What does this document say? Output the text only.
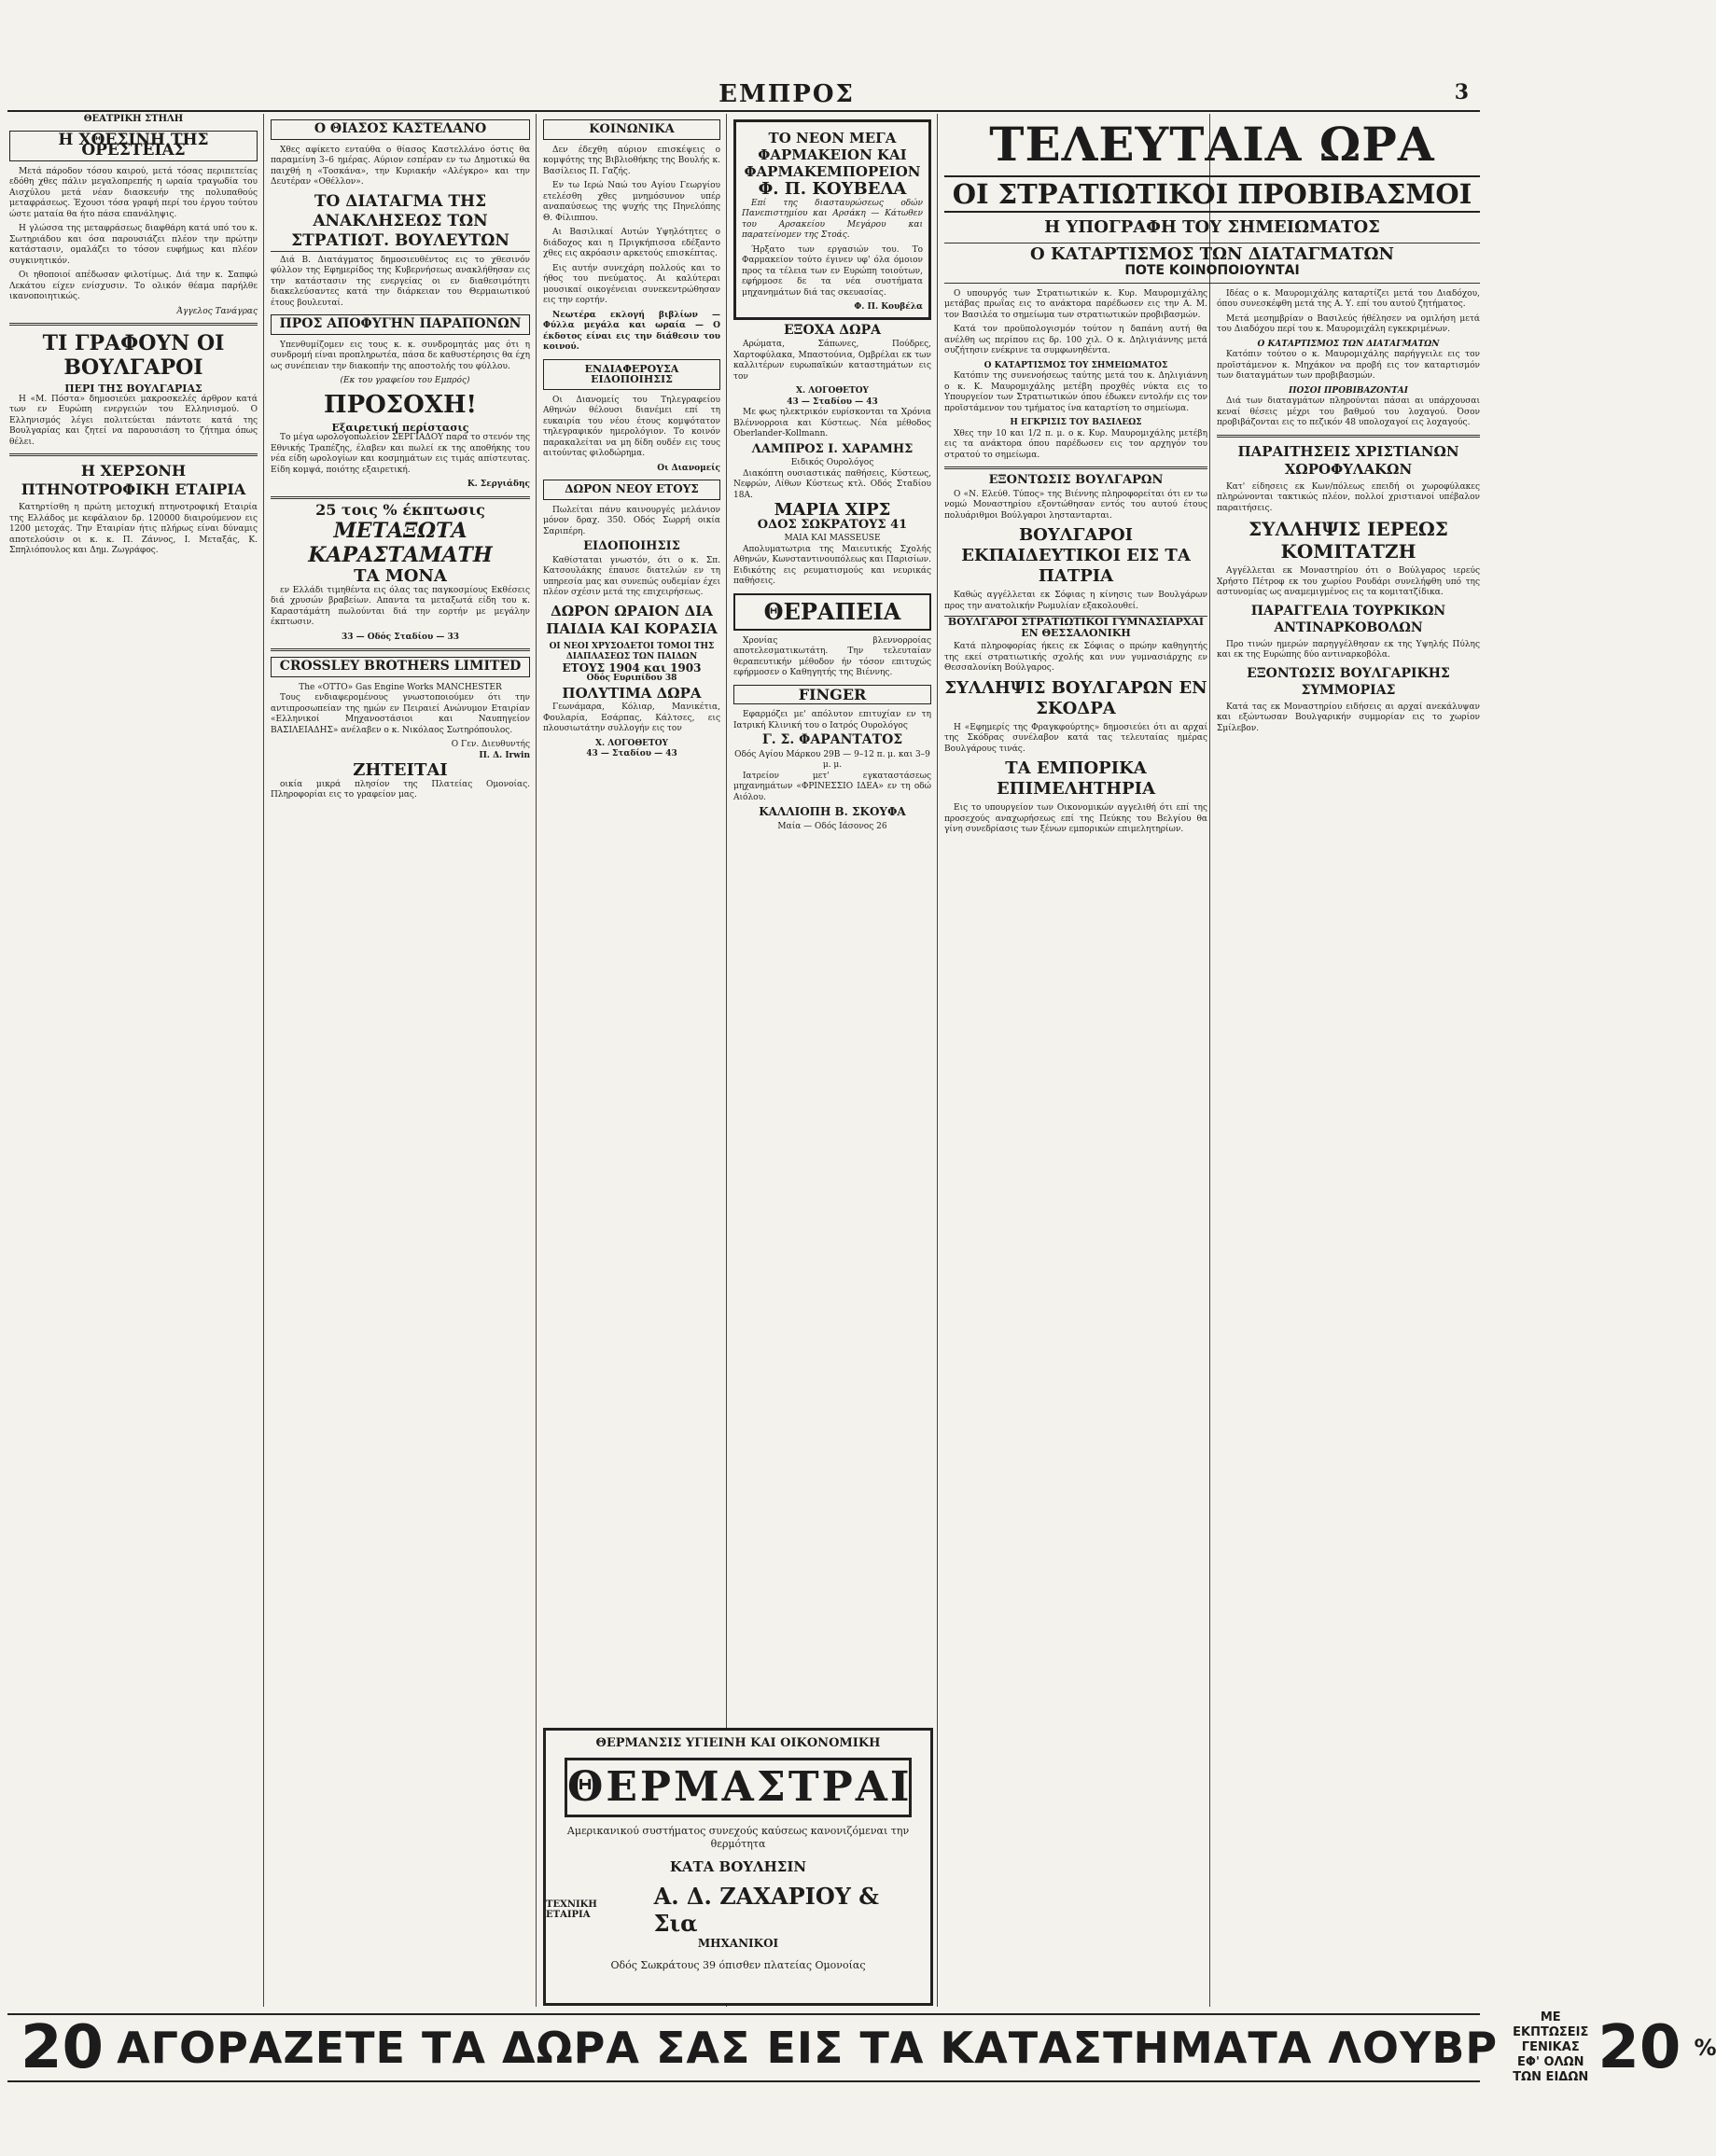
ΕΜΠΡΟΣ	3
ΘΕΑΤΡΙΚΗ ΣΤΗΛΗ
Η ΧΘΕΣΙΝΗ ΤΗΣ ΟΡΕΣΤΕΙΑΣ

Μετά πάροδον τόσου καιρού, μετά τόσας περιπετείας εδόθη χθες πάλιν μεγαλοπρεπής η ωραία τραγωδία του Αισχύλου μετά νέαν διασκευήν της πολυπαθούς μεταφράσεως. Έχουσι τόσα γραφή περί του έργου τούτου ώστε ματαία θα ήτο πάσα επανάληψις.

Η γλώσσα της μεταφράσεως διαφθάρη κατά υπό του κ. Σωτηριάδου και όσα παρουσιάζει πλέον την πρώτην κατάστασιν, ομαλάζει το τόσον ευφήμως και πλέον συγκινητικόν.

Οι ηθοποιοί απέδωσαν φιλοτίμως. Διά την κ. Σαπφώ Λεκάτου είχεν ενίσχυσιν. Το ολικόν θέαμα παρήλθε ικανοποιητικώς.

Άγγελος Τανάγρας
ΤΙ ΓΡΑΦΟΥΝ ΟΙ ΒΟΥΛΓΑΡΟΙ
ΠΕΡΙ ΤΗΣ ΒΟΥΛΓΑΡΙΑΣ

Η «Μ. Πόστα» δημοσιεύει μακροσκελές άρθρον κατά των εν Ευρώπη ενεργειών του Ελληνισμού. Ο Ελληνισμός λέγει πολιτεύεται πάντοτε κατά της Βουλγαρίας και ζητεί να παρουσιάση το ζήτημα όπως θέλει.

Η ΧΕΡΣΟΝΗ ΠΤΗΝΟΤΡΟΦΙΚΗ ΕΤΑΙΡΙΑ

Κατηρτίσθη η πρώτη μετοχική πτηνοτροφική Εταιρία της Ελλάδος με κεφάλαιον δρ. 120000 διαιρούμενον εις 1200 μετοχάς. Την Εταιρίαν ήτις πλήρως είναι δύναμις αποτελούσιν οι κ. κ. Π. Ζάννος, Ι. Μεταξάς, Κ. Σπηλιόπουλος και Δημ. Ζωγράφος.

Ο ΘΙΑΣΟΣ ΚΑΣΤΕΛΑΝΟ

Χθες αφίκετο ενταύθα ο θίασος Καστελλάνο όστις θα παραμείνη 3–6 ημέρας. Αύριον εσπέραν εν τω Δημοτικώ θα παιχθή η «Τοσκάνα», την Κυριακήν «Αλέγκρο» και την Δευτέραν «Οθέλλον».

ΤΟ ΔΙΑΤΑΓΜΑ ΤΗΣ ΑΝΑΚΛΗΣΕΩΣ ΤΩΝ ΣΤΡΑΤΙΩΤ. ΒΟΥΛΕΥΤΩΝ

Διά Β. Διατάγματος δημοσιευθέντος εις το χθεσινόν φύλλον της Εφημερίδος της Κυβερνήσεως ανακλήθησαν εις την κατάστασιν της ενεργείας οι εν διαθεσιμότητι διακελεύσαντες κατά την διάρκειαν του Θερμαιωτικού έτους βουλευταί.

ΠΡΟΣ ΑΠΟΦΥΓΗΝ ΠΑΡΑΠΟΝΩΝ

Υπενθυμίζομεν εις τους κ. κ. συνδρομητάς μας ότι η συνδρομή είναι προπληρωτέα, πάσα δε καθυστέρησις θα έχη ως συνέπειαν την διακοπήν της αποστολής του φύλλου.

(Εκ του γραφείου του Εμπρός)

ΠΡΟΣΟΧΗ!
Εξαιρετική περίστασις

Το μέγα ωρολογοπωλείον ΣΕΡΓΙΑΔΟΥ παρά το στενόν της Εθνικής Τραπέζης, έλαβεν και πωλεί εκ της αποθήκης του νέα είδη ωρολογίων και κοσμημάτων εις τιμάς απίστευτας. Είδη κομψά, ποιότης εξαιρετική.

Κ. Σεργιάδης
25 τοις % έκπτωσις
ΜΕΤΑΞΩΤΑ ΚΑΡΑΣΤΑΜΑΤΗ
ΤΑ ΜΟΝΑ

εν Ελλάδι τιμηθέντα εις όλας τας παγκοσμίους Εκθέσεις διά χρυσών βραβείων. Απαντα τα μεταξωτά είδη του κ. Καραστάμάτη πωλούνται διά την εορτήν με μεγάλην έκπτωσιν.

33 — Οδός Σταδίου — 33
CROSSLEY BROTHERS LIMITED
The «OTTO» Gas Engine Works MANCHESTER

Τους ενδιαφερομένους γνωστοποιούμεν ότι την αντιπροσωπείαν της ημών εν Πειραιεί Ανώνυμον Εταιρίαν «Ελληνικοί Μηχανοστάσιοι και Ναυπηγείον ΒΑΣΙΛΕΙΑΔΗΣ» ανέλαβεν ο κ. Νικόλαος Σωτηρόπουλος.

Ο Γεν. Διευθυντής
Π. Δ. Irwin
ΖΗΤΕΙΤΑΙ

οικία μικρά πλησίον της Πλατείας Ομονοίας. Πληροφορίαι εις το γραφείον μας.

ΚΟΙΝΩΝΙΚΑ

Δεν έδεχθη αύριον επισκέψεις ο κομψότης της Βιβλιοθήκης της Βουλής κ. Βασίλειος Π. Γαζής.

Εν τω Ιερώ Ναώ του Αγίου Γεωργίου ετελέσθη χθες μνημόσυνον υπέρ αναπαύσεως της ψυχής της Πηνελόπης Θ. Φίλιππου.

Αι Βασιλικαί Αυτών Υψηλότητες ο διάδοχος και η Πριγκήπισσα εδέξαντο χθες εις ακρόασιν αρκετούς επισκέπτας.

Εις αυτήν συνεχάρη πολλούς και το ήθος του πνεύματος. Αι καλύτεραι μουσικαί οικογένειαι συνεκεντρώθησαν εις την εορτήν.

Νεωτέρα εκλογή βιβλίων — Φύλλα μεγάλα και ωραία — Ο έκδοτος είναι εις την διάθεσιν του κοινού.

ΕΝΔΙΑΦΕΡΟΥΣΑ ΕΙΔΟΠΟΙΗΣΙΣ

Οι Διανομείς του Τηλεγραφείου Αθηνών θέλουσι διανέμει επί τη ευκαιρία του νέου έτους κομψότατον τηλεγραφικόν ημερολόγιον. Το κοινόν παρακαλείται να μη δίδη ουδέν εις τους αιτούντας φιλοδώρημα.

Οι Διανομείς
ΔΩΡΟΝ ΝΕΟΥ ΕΤΟΥΣ

Πωλείται πάνυ καινουργές μελάνιον μόνον δραχ. 350. Οδός Σωρρή οικία Σαριπέρη.

ΕΙΔΟΠΟΙΗΣΙΣ

Καθίσταται γνωστόν, ότι ο κ. Σπ. Κατσουλάκης έπαυσε διατελών εν τη υπηρεσία μας και συνεπώς ουδεμίαν έχει πλέον σχέσιν μετά της επιχειρήσεως.

ΔΩΡΟΝ ΩΡΑΙΟΝ ΔΙΑ ΠΑΙΔΙΑ ΚΑΙ ΚΟΡΑΣΙΑ
ΟΙ ΝΕΟΙ ΧΡΥΣΟΔΕΤΟΙ ΤΟΜΟΙ ΤΗΣ ΔΙΑΠΛΑΣΕΩΣ ΤΩΝ ΠΑΙΔΩΝ
ΕΤΟΥΣ 1904 και 1903
Οδός Ευριπίδου 38
ΠΟΛΥΤΙΜΑ ΔΩΡΑ

Γεωνάμαρα, Κόλιαρ, Μανικέτια, Φουλαρία, Εσάρπας, Κάλτσες, εις πλουσιωτάτην συλλογήν εις τον

Χ. ΛΟΓΟΘΕΤΟΥ
43 — Σταδίου — 43
ΤΟ ΝΕΟΝ ΜΕΓΑ ΦΑΡΜΑΚΕΙΟΝ ΚΑΙ ΦΑΡΜΑΚΕΜΠΟΡΕΙΟΝ
Φ. Π. ΚΟΥΒΕΛΑ

Επί της διασταυρώσεως οδών Πανεπιστημίου και Αρσάκη — Κάτωθεν του Αρσακείου Μεγάρου και παρατείνομεν της Στοάς.

Ήρξατο των εργασιών του. Το Φαρμακείον τούτο έγινεν υφ' όλα όμοιον προς τα τέλεια των εν Ευρώπη τοιούτων, εφήρμοσε δε τα νέα συστήματα μηχανημάτων διά τας σκευασίας.

Φ. Π. Κουβέλα
ΕΞΟΧΑ ΔΩΡΑ

Αρώματα, Σάπωνες, Πούδρες, Χαρτοφύλακα, Μπαστούνια, Ομβρέλαι εκ των καλλιτέρων ευρωπαϊκών καταστημάτων εις τον

Χ. ΛΟΓΟΘΕΤΟΥ
43 — Σταδίου — 43

Με φως ηλεκτρικόν ευρίσκονται τα Χρόνια Βλέννορροια και Κύστεως. Νέα μέθοδος Oberlander-Kollmann.

ΛΑΜΠΡΟΣ Ι. ΧΑΡΑΜΗΣ
Ειδικός Ουρολόγος

Διακόπτη ουσιαστικάς παθήσεις, Κύστεως, Νεφρών, Λίθων Κύστεως κτλ. Οδός Σταδίου 18Α.

ΜΑΡΙΑ ΧΙΡΣ
ΟΔΟΣ ΣΩΚΡΑΤΟΥΣ 41
ΜΑΙΑ ΚΑΙ MASSEUSE

Απολυματωτρια της Μαιευτικής Σχολής Αθηνών, Κωνσταντινουπόλεως και Παρισίων. Ειδικότης εις ρευματισμούς και νευρικάς παθήσεις.

ΘΕΡΑΠΕΙΑ

Χρονίας βλεννορροίας αποτελεσματικωτάτη. Την τελευταίαν θεραπευτικήν μέθοδον ήν τόσον επιτυχώς εφήρμοσεν ο Καθηγητής της Βιέννης.

FINGER

Εφαρμόζει με' απόλυτον επιτυχίαν εν τη Ιατρική Κλινική του ο Ιατρός Ουρολόγος

Γ. Σ. ΦΑΡΑΝΤΑΤΟΣ
Οδός Αγίου Μάρκου 29Β — 9–12 π. μ. και 3–9 μ. μ.

Ιατρείον μετ' εγκαταστάσεως μηχανημάτων «ΦΡΙΝΕΣΣΙΟ ΙΔΕΑ» εν τη οδώ Αιόλου.

ΚΑΛΛΙΟΠΗ Β. ΣΚΟΥΦΑ
Μαία — Οδός Ιάσονος 26
ΘΕΡΜΑΝΣΙΣ ΥΓΙΕΙΝΗ ΚΑΙ ΟΙΚΟΝΟΜΙΚΗ
ΘΕΡΜΑΣΤΡΑΙ
Αμερικανικού συστήματος συνεχούς καύσεως κανονιζόμεναι την θερμότητα
ΚΑΤΑ ΒΟΥΛΗΣΙΝ
ΤΕΧΝΙΚΗ ΕΤΑΙΡΙΑ
Α. Δ. ΖΑΧΑΡΙΟΥ & Σια
ΜΗΧΑΝΙΚΟΙ
Οδός Σωκράτους 39 όπισθεν πλατείας Ομονοίας
ΤΕΛΕΥΤΑΙΑ ΩΡΑ
ΟΙ ΣΤΡΑΤΙΩΤΙΚΟΙ ΠΡΟΒΙΒΑΣΜΟΙ
Η ΥΠΟΓΡΑΦΗ ΤΟΥ ΣΗΜΕΙΩΜΑΤΟΣ
Ο ΚΑΤΑΡΤΙΣΜΟΣ ΤΩΝ ΔΙΑΤΑΓΜΑΤΩΝ
ΠΟΤΕ ΚΟΙΝΟΠΟΙΟΥΝΤΑΙ

Ο υπουργός των Στρατιωτικών κ. Κυρ. Μαυρομιχάλης μετάβας πρωΐας εις το ανάκτορα παρέδωσεν εις την Α. Μ. τον Βασιλέα το σημείωμα των στρατιωτικών προβιβασμών.

Κατά τον προϋπολογισμόν τούτον η δαπάνη αυτή θα ανέλθη ως περίπου εις δρ. 100 χιλ. Ο κ. Δηλιγιάννης μετά συζήτησιν ενέκρινε τα συμφωνηθέντα.

Ο ΚΑΤΑΡΤΙΣΜΟΣ ΤΟΥ ΣΗΜΕΙΩΜΑΤΟΣ

Κατόπιν της συνενοήσεως ταύτης μετά του κ. Δηλιγιάννη ο κ. Κ. Μαυρομιχάλης μετέβη προχθές νύκτα εις το Υπουργείον των Στρατιωτικών όπου έδωκεν εντολήν εις τον προϊστάμενον του τμήματος ίνα καταρτίση το σημείωμα.

Η ΕΓΚΡΙΣΙΣ ΤΟΥ ΒΑΣΙΛΕΩΣ

Χθες την 10 και 1/2 π. μ. ο κ. Κυρ. Μαυρομιχάλης μετέβη εις τα ανάκτορα όπου παρέδωσεν εις τον αρχηγόν του στρατού το σημείωμα.

ΕΞΟΝΤΩΣΙΣ ΒΟΥΛΓΑΡΩΝ

Ο «Ν. Ελεύθ. Τύπος» της Βιέννης πληροφορείται ότι εν τω νομώ Μοναστηρίου εξοντώθησαν εντός του αυτού έτους πολυάριθμοι Βούλγαροι ληστανταρται.

ΒΟΥΛΓΑΡΟΙ ΕΚΠΑΙΔΕΥΤΙΚΟΙ ΕΙΣ ΤΑ ΠΑΤΡΙΑ

Καθώς αγγέλλεται εκ Σόφιας η κίνησις των Βουλγάρων προς την ανατολικήν Ρωμυλίαν εξακολουθεί.

ΒΟΥΛΓΑΡΟΙ ΣΤΡΑΤΙΩΤΙΚΟΙ ΓΥΜΝΑΣΙΑΡΧΑΙ ΕΝ ΘΕΣΣΑΛΟΝΙΚΗ

Κατά πληροφορίας ήκεις εκ Σόφιας ο πρώην καθηγητής της εκεί στρατιωτικής σχολής και νυν γυμνασιάρχης εν Θεσσαλονίκη Βούλγαρος.

ΣΥΛΛΗΨΙΣ ΒΟΥΛΓΑΡΩΝ ΕΝ ΣΚΟΔΡΑ

Η «Εφημερίς της Φραγκφούρτης» δημοσιεύει ότι αι αρχαί της Σκόδρας συνέλαβον κατά τας τελευταίας ημέρας Βουλγάρους τινάς.

ΤΑ ΕΜΠΟΡΙΚΑ ΕΠΙΜΕΛΗΤΗΡΙΑ

Εις το υπουργείον των Οικονομικών αγγελιθή ότι επί της προσεχούς αναχωρήσεως επί της Πεύκης του Βελγίου θα γίνη συνεδρίασις των ξένων εμπορικών επιμελητηρίων.

Ιδέας ο κ. Μαυρομιχάλης καταρτίζει μετά του Διαδόχου, όπου συνεσκέφθη μετά της Α. Υ. επί του αυτού ζητήματος.

Μετά μεσημβρίαν ο Βασιλεύς ήθέλησεν να ομιλήση μετά του Διαδόχου περί του κ. Μαυρομιχάλη εγκεκριμένων.

Ο ΚΑΤΑΡΤΙΣΜΟΣ ΤΩΝ ΔΙΑΤΑΓΜΑΤΩΝ

Κατόπιν τούτου ο κ. Μαυρομιχάλης παρήγγειλε εις τον προϊστάμενον κ. Μηχάκον να προβή εις τον καταρτισμόν των διαταγμάτων των προβιβασμών.

ΠΟΣΟΙ ΠΡΟΒΙΒΑΖΟΝΤΑΙ

Διά των διαταγμάτων πληρούνται πάσαι αι υπάρχουσαι κεναί θέσεις μέχρι του βαθμού του λοχαγού. Όσον προβιβάζονται εις το πεζικόν 48 υπολοχαγοί εις λοχαγούς.

ΠΑΡΑΙΤΗΣΕΙΣ ΧΡΙΣΤΙΑΝΩΝ ΧΩΡΟΦΥΛΑΚΩΝ

Κατ' είδησεις εκ Κων/πόλεως επειδή οι χωροφύλακες πληρώνονται τακτικώς πλέον, πολλοί χριστιανοί υπέβαλον παραιτήσεις.

ΣΥΛΛΗΨΙΣ ΙΕΡΕΩΣ ΚΟΜΙΤΑΤΖΗ

Αγγέλλεται εκ Μοναστηρίου ότι ο Βούλγαρος ιερεύς Χρήστο Πέτροφ εκ του χωρίου Ρουδάρι συνελήφθη υπό της αστυνομίας ως αναμεμιγμένος εις τα κομιτατζίδικα.

ΠΑΡΑΓΓΕΛΙΑ ΤΟΥΡΚΙΚΩΝ ΑΝΤΙΝΑΡΚΟΒΟΛΩΝ

Προ τινών ημερών παρηγγέλθησαν εκ της Υψηλής Πύλης και εκ της Ευρώπης δύο αντιναρκοβόλα.

ΕΞΟΝΤΩΣΙΣ ΒΟΥΛΓΑΡΙΚΗΣ ΣΥΜΜΟΡΙΑΣ

Κατά τας εκ Μοναστηρίου ειδήσεις αι αρχαί ανεκάλυψαν και εξώντωσαν Βουλγαρικήν συμμορίαν εις το χωρίον Σμίλεβον.

20 ΑΓΟΡΑΖΕΤΕ ΤΑ ΔΩΡΑ ΣΑΣ ΕΙΣ ΤΑ ΚΑΤΑΣΤΗΜΑΤΑ ΛΟΥΒΡ
ΜΕ ΕΚΠΤΩΣΕΙΣ ΓΕΝΙΚΑΣ
ΕΦ' ΟΛΩΝ ΤΩΝ ΕΙΔΩΝ 20 %
